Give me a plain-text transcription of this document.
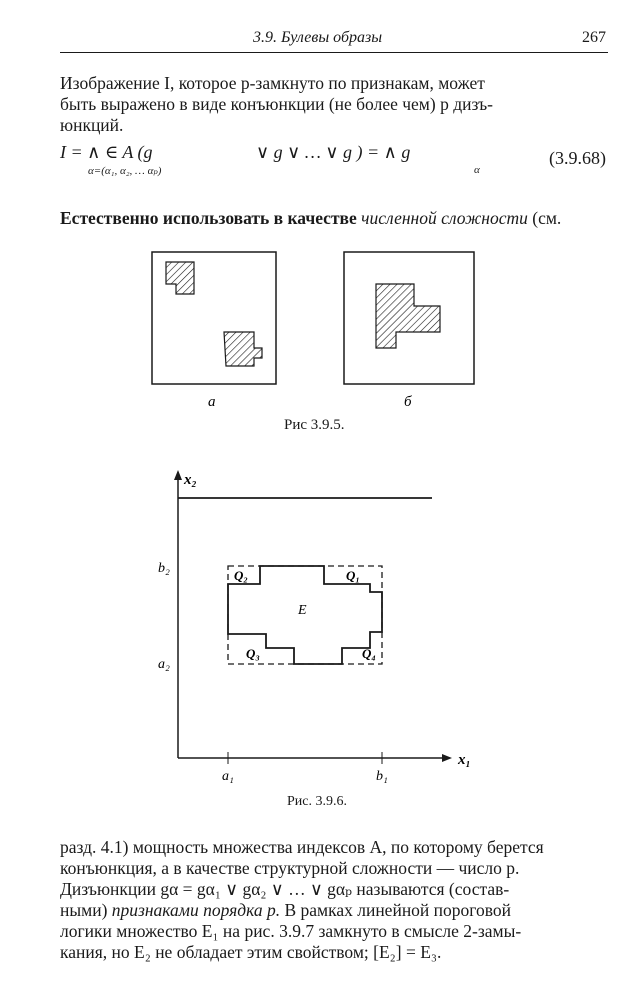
3.9. Булевы образы	267
Изображение I, которое p-замкнуто по признакам, может
быть выражено в виде конъюнкции (не более чем) p дизъ-
юнкций.
I = ∧ ∈ A (g
α=(α₁, α₂, … αₚ)
∨ g ∨ … ∨ g ) = ∧ g
α
(3.9.68)
Естественно использовать в качестве численной сложности (см.
а	б
Рис 3.9.5.
x₂
x₁
a₁	b₁
b₂
a₂
E
Q₂	Q₁
Q₃	Q₄
Рис. 3.9.6.
разд. 4.1) мощность множества индексов A, по которому берется
конъюнкция, а в качестве структурной сложности — число p.
Дизъюнкции gα = gα₁ ∨ gα₂ ∨ … ∨ gαₚ называются (состав-
ными) признаками порядка p. В рамках линейной пороговой
логики множество E₁ на рис. 3.9.7 замкнуто в смысле 2-замы-
кания, но E₂ не обладает этим свойством; [E₂] = E₃.
